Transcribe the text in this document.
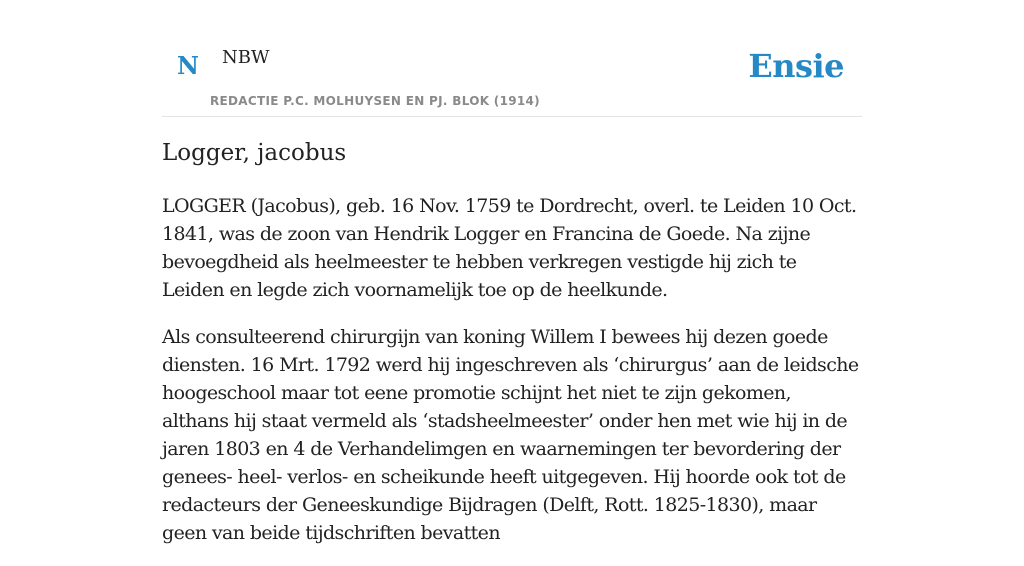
N NBW
REDACTIE P.C. MOLHUYSEN EN PJ. BLOK (1914)
Ensie
Logger, jacobus

LOGGER (Jacobus), geb. 16 Nov. 1759 te Dordrecht, overl. te Leiden 10 Oct. 1841, was de zoon van Hendrik Logger en Francina de Goede. Na zijne bevoegdheid als heelmeester te hebben verkregen vestigde hij zich te Leiden en legde zich voornamelijk toe op de heelkunde.

Als consulteerend chirurgijn van koning Willem I bewees hij dezen goede diensten. 16 Mrt. 1792 werd hij ingeschreven als ‘chirurgus’ aan de leidsche hoogeschool maar tot eene promotie schijnt het niet te zijn gekomen, althans hij staat vermeld als ‘stadsheelmeester’ onder hen met wie hij in de jaren 1803 en 4 de Verhandelimgen en waarnemingen ter bevordering der genees- heel- verlos- en scheikunde heeft uitgegeven. Hij hoorde ook tot de redacteurs der Geneeskundige Bijdragen (Delft, Rott. 1825-1830), maar geen van beide tijdschriften bevatten
